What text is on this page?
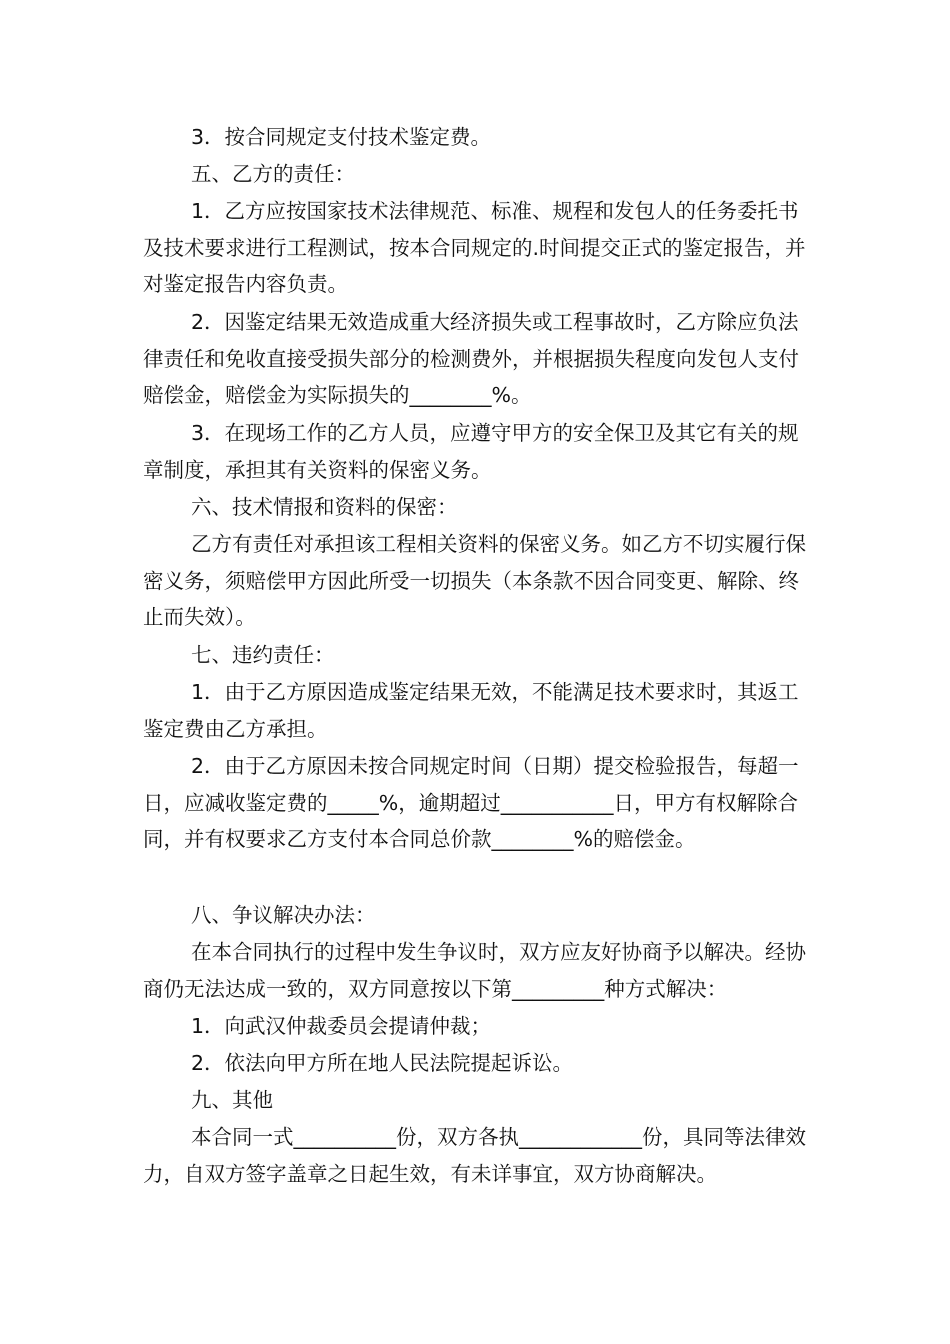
3．按合同规定支付技术鉴定费。

五、乙方的责任：

1．乙方应按国家技术法律规范、标准、规程和发包人的任务委托书及技术要求进行工程测试，按本合同规定的.时间提交正式的鉴定报告，并对鉴定报告内容负责。

2．因鉴定结果无效造成重大经济损失或工程事故时，乙方除应负法律责任和免收直接受损失部分的检测费外，并根据损失程度向发包人支付赔偿金，赔偿金为实际损失的________%。

3．在现场工作的乙方人员，应遵守甲方的安全保卫及其它有关的规章制度，承担其有关资料的保密义务。

六、技术情报和资料的保密：

乙方有责任对承担该工程相关资料的保密义务。如乙方不切实履行保密义务，须赔偿甲方因此所受一切损失（本条款不因合同变更、解除、终止而失效）。

七、违约责任：

1．由于乙方原因造成鉴定结果无效，不能满足技术要求时，其返工鉴定费由乙方承担。

2．由于乙方原因未按合同规定时间（日期）提交检验报告，每超一日，应减收鉴定费的_____%，逾期超过___________日，甲方有权解除合同，并有权要求乙方支付本合同总价款________%的赔偿金。

八、争议解决办法：

在本合同执行的过程中发生争议时，双方应友好协商予以解决。经协商仍无法达成一致的，双方同意按以下第_________种方式解决：

1．向武汉仲裁委员会提请仲裁；

2．依法向甲方所在地人民法院提起诉讼。

九、其他

本合同一式__________份，双方各执____________份，具同等法律效力，自双方签字盖章之日起生效，有未详事宜，双方协商解决。
